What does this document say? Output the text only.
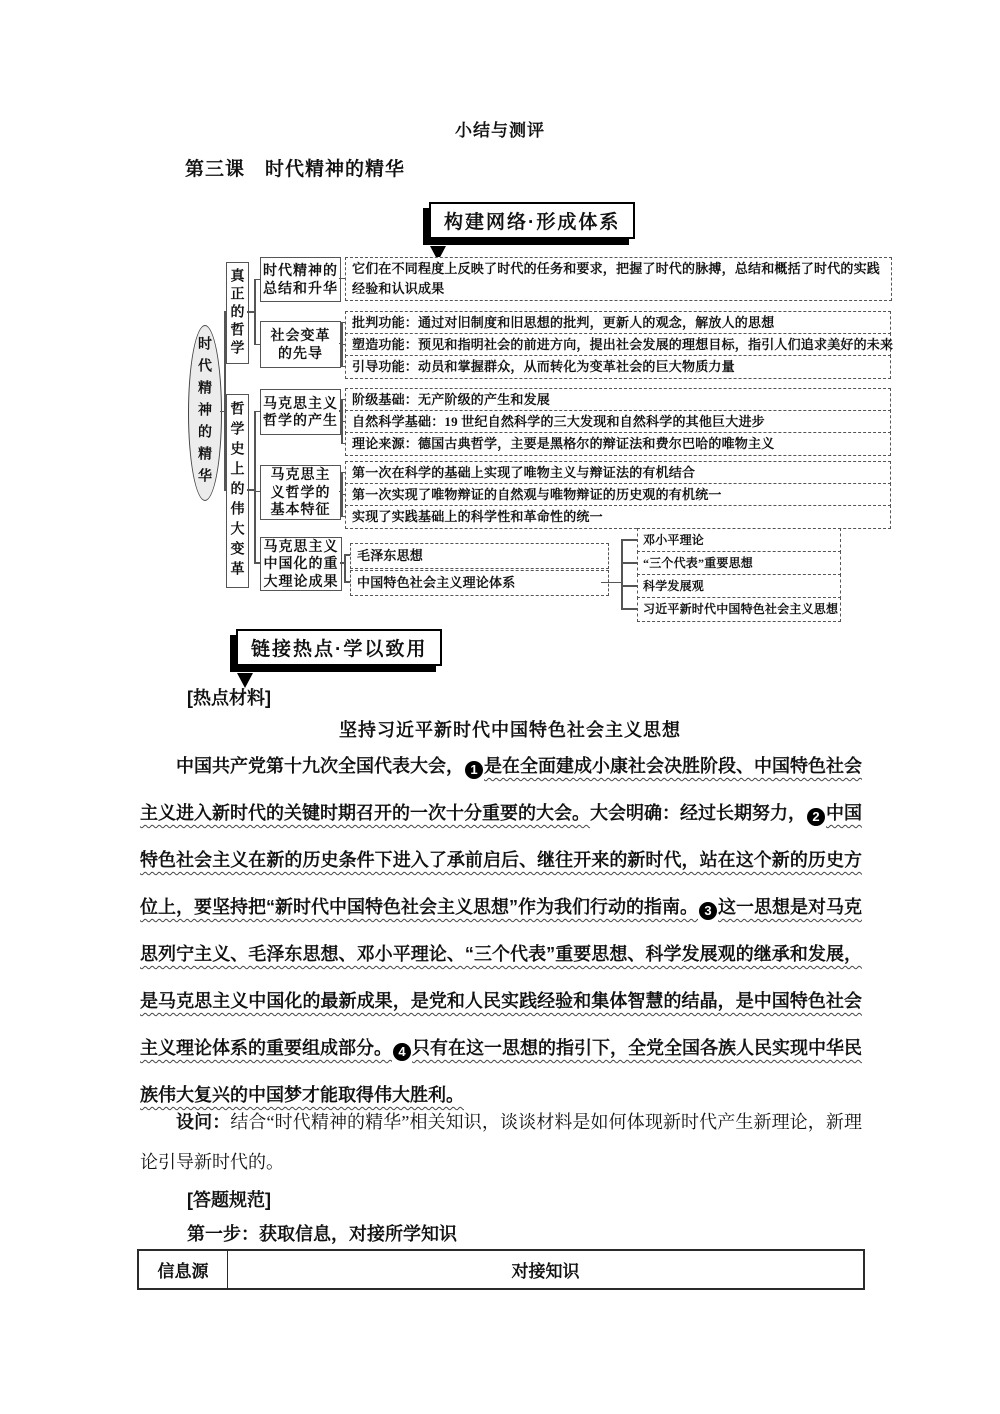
小结与测评
第三课　时代精神的精华
构建网络·形成体系
时代精神的精华
真正的哲学
哲学史上的伟大变革
时代精神的
总结和升华
社会变革
的先导
马克思主义
哲学的产生
马克思主
义哲学的
基本特征
马克思主义
中国化的重
大理论成果
它们在不同程度上反映了时代的任务和要求，把握了时代的脉搏，总结和概括了时代的实践经验和认识成果
批判功能：通过对旧制度和旧思想的批判，更新人的观念，解放人的思想
塑造功能：预见和指明社会的前进方向，提出社会发展的理想目标，指引人们追求美好的未来
引导功能：动员和掌握群众，从而转化为变革社会的巨大物质力量
阶级基础：无产阶级的产生和发展
自然科学基础：19 世纪自然科学的三大发现和自然科学的其他巨大进步
理论来源：德国古典哲学，主要是黑格尔的辩证法和费尔巴哈的唯物主义
第一次在科学的基础上实现了唯物主义与辩证法的有机结合
第一次实现了唯物辩证的自然观与唯物辩证的历史观的有机统一
实现了实践基础上的科学性和革命性的统一
毛泽东思想
中国特色社会主义理论体系
邓小平理论
“三个代表”重要思想
科学发展观
习近平新时代中国特色社会主义思想
链接热点·学以致用
[热点材料]
坚持习近平新时代中国特色社会主义思想
中国共产党第十九次全国代表大会， 1 是在全面建成小康社会决胜阶段、中国特色社会主义进入新时代的关键时期召开的一次十分重要的大会。大会明确：经过长期努力， 2 中国特色社会主义在新的历史条件下进入了承前启后、继往开来的新时代，站在这个新的历史方位上，要坚持把“新时代中国特色社会主义思想”作为我们行动的指南。 3 这一思想是对马克思列宁主义、毛泽东思想、邓小平理论、“三个代表”重要思想、科学发展观的继承和发展，是马克思主义中国化的最新成果，是党和人民实践经验和集体智慧的结晶，是中国特色社会主义理论体系的重要组成部分。 4 只有在这一思想的指引下，全党全国各族人民实现中华民族伟大复兴的中国梦才能取得伟大胜利。
设问：结合“时代精神的精华”相关知识，谈谈材料是如何体现新时代产生新理论，新理论引导新时代的。
[答题规范]
第一步：获取信息，对接所学知识
信息源	对接知识
